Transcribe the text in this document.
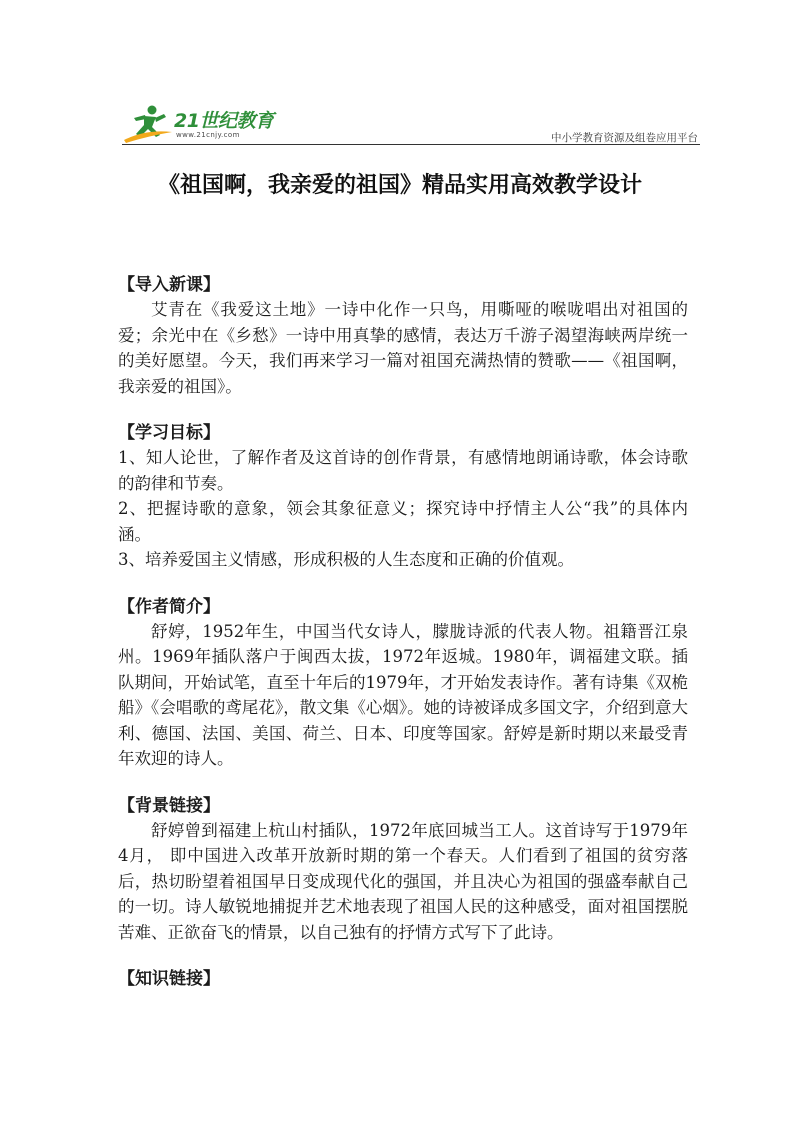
21世纪教育
www.21cnjy.com	中小学教育资源及组卷应用平台
《祖国啊，我亲爱的祖国》精品实用高效教学设计

【导入新课】

艾青在《我爱这土地》一诗中化作一只鸟，用嘶哑的喉咙唱出对祖国的爱；余光中在《乡愁》一诗中用真挚的感情，表达万千游子渴望海峡两岸统一的美好愿望。今天，我们再来学习一篇对祖国充满热情的赞歌——《祖国啊，我亲爱的祖国》。

【学习目标】

1、知人论世，了解作者及这首诗的创作背景，有感情地朗诵诗歌，体会诗歌的韵律和节奏。

2、把握诗歌的意象，领会其象征意义；探究诗中抒情主人公“我”的具体内涵。

3、培养爱国主义情感，形成积极的人生态度和正确的价值观。

【作者简介】

舒婷，1952年生，中国当代女诗人，朦胧诗派的代表人物。祖籍晋江泉州。1969年插队落户于闽西太拔，1972年返城。1980年，调福建文联。插队期间，开始试笔，直至十年后的1979年，才开始发表诗作。著有诗集《双桅船》《会唱歌的鸢尾花》，散文集《心烟》。她的诗被译成多国文字，介绍到意大利、德国、法国、美国、荷兰、日本、印度等国家。舒婷是新时期以来最受青年欢迎的诗人。

【背景链接】

舒婷曾到福建上杭山村插队，1972年底回城当工人。这首诗写于1979年4月， 即中国进入改革开放新时期的第一个春天。人们看到了祖国的贫穷落后，热切盼望着祖国早日变成现代化的强国，并且决心为祖国的强盛奉献自己的一切。诗人敏锐地捕捉并艺术地表现了祖国人民的这种感受，面对祖国摆脱苦难、正欲奋飞的情景，以自己独有的抒情方式写下了此诗。

【知识链接】
